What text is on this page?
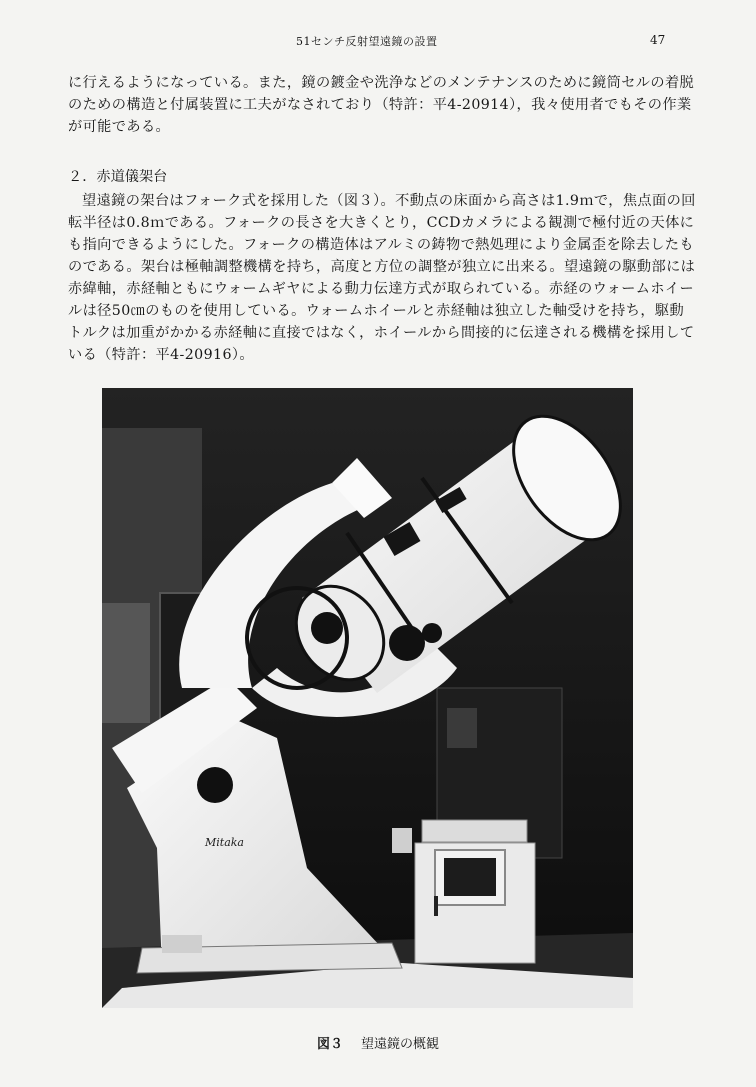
51センチ反射望遠鏡の設置	47

に行えるようになっている。また，鏡の鍍金や洗浄などのメンテナンスのために鏡筒セルの着脱のための構造と付属装置に工夫がなされており（特許：平4-20914），我々使用者でもその作業が可能である。

２．赤道儀架台

望遠鏡の架台はフォーク式を採用した（図３）。不動点の床面から高さは1.9ｍで，焦点面の回転半径は0.8ｍである。フォークの長さを大きくとり，CCDカメラによる観測で極付近の天体にも指向できるようにした。フォークの構造体はアルミの鋳物で熱処理により金属歪を除去したものである。架台は極軸調整機構を持ち，高度と方位の調整が独立に出来る。望遠鏡の駆動部には赤緯軸，赤経軸ともにウォームギヤによる動力伝達方式が取られている。赤経のウォームホイールは径50㎝のものを使用している。ウォームホイールと赤経軸は独立した軸受けを持ち，駆動トルクは加重がかかる赤経軸に直接ではなく，ホイールから間接的に伝達される機構を採用している（特許：平4-20916）。

Mitaka
図３ 望遠鏡の概観
